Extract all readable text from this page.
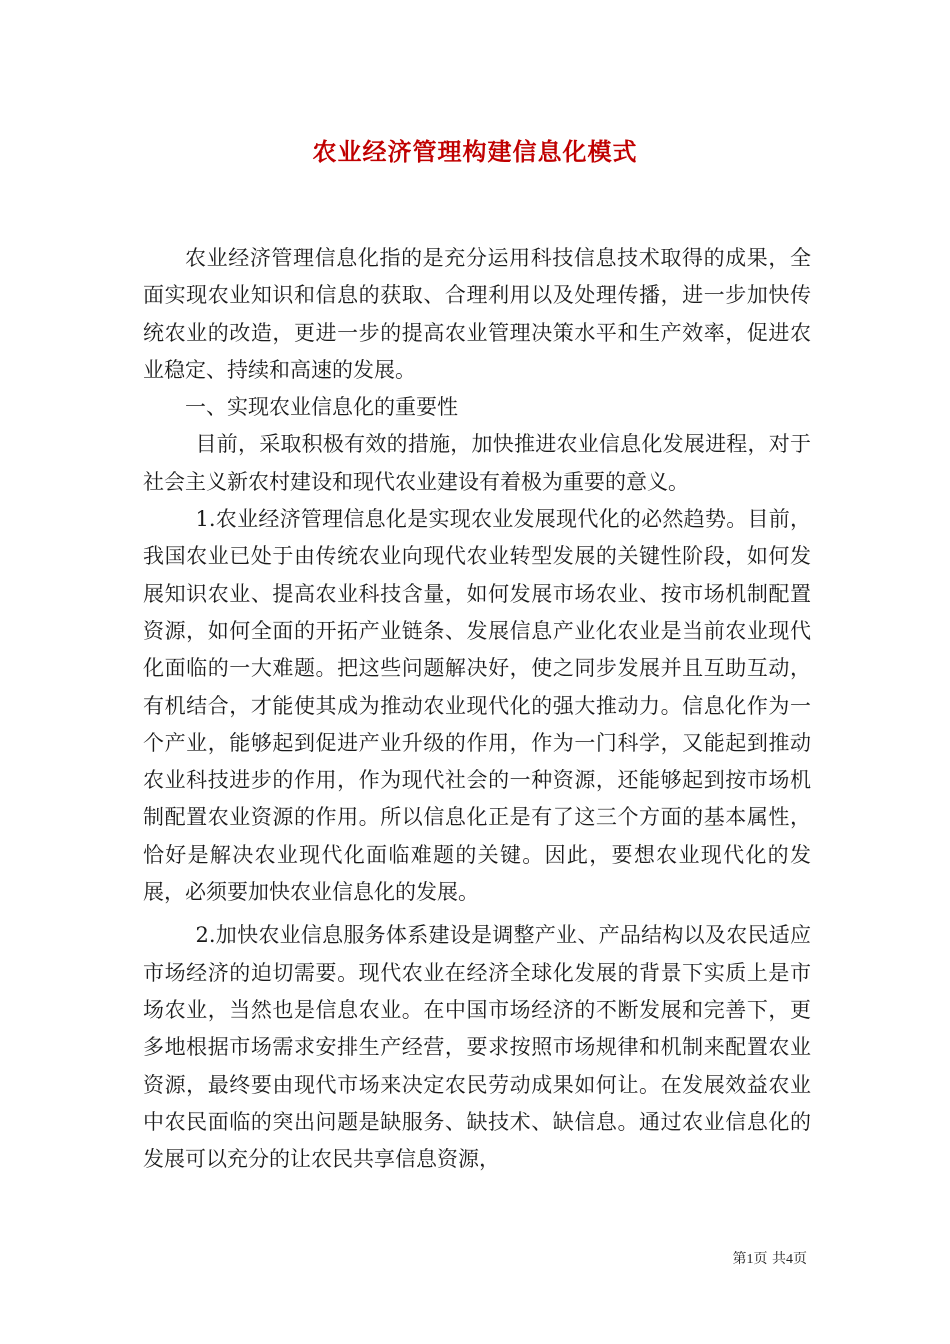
农业经济管理构建信息化模式

农业经济管理信息化指的是充分运用科技信息技术取得的成果，全面实现农业知识和信息的获取、合理利用以及处理传播，进一步加快传统农业的改造，更进一步的提高农业管理决策水平和生产效率，促进农业稳定、持续和高速的发展。

一、实现农业信息化的重要性

目前，采取积极有效的措施，加快推进农业信息化发展进程，对于社会主义新农村建设和现代农业建设有着极为重要的意义。

1.农业经济管理信息化是实现农业发展现代化的必然趋势。目前，我国农业已处于由传统农业向现代农业转型发展的关键性阶段，如何发展知识农业、提高农业科技含量，如何发展市场农业、按市场机制配置资源，如何全面的开拓产业链条、发展信息产业化农业是当前农业现代化面临的一大难题。把这些问题解决好，使之同步发展并且互助互动，有机结合，才能使其成为推动农业现代化的强大推动力。信息化作为一个产业，能够起到促进产业升级的作用，作为一门科学，又能起到推动农业科技进步的作用，作为现代社会的一种资源，还能够起到按市场机制配置农业资源的作用。所以信息化正是有了这三个方面的基本属性，恰好是解决农业现代化面临难题的关键。因此，要想农业现代化的发展，必须要加快农业信息化的发展。

2.加快农业信息服务体系建设是调整产业、产品结构以及农民适应市场经济的迫切需要。现代农业在经济全球化发展的背景下实质上是市场农业，当然也是信息农业。在中国市场经济的不断发展和完善下，更多地根据市场需求安排生产经营，要求按照市场规律和机制来配置农业资源，最终要由现代市场来决定农民劳动成果如何让。在发展效益农业中农民面临的突出问题是缺服务、缺技术、缺信息。通过农业信息化的发展可以充分的让农民共享信息资源，

第1页 共4页
